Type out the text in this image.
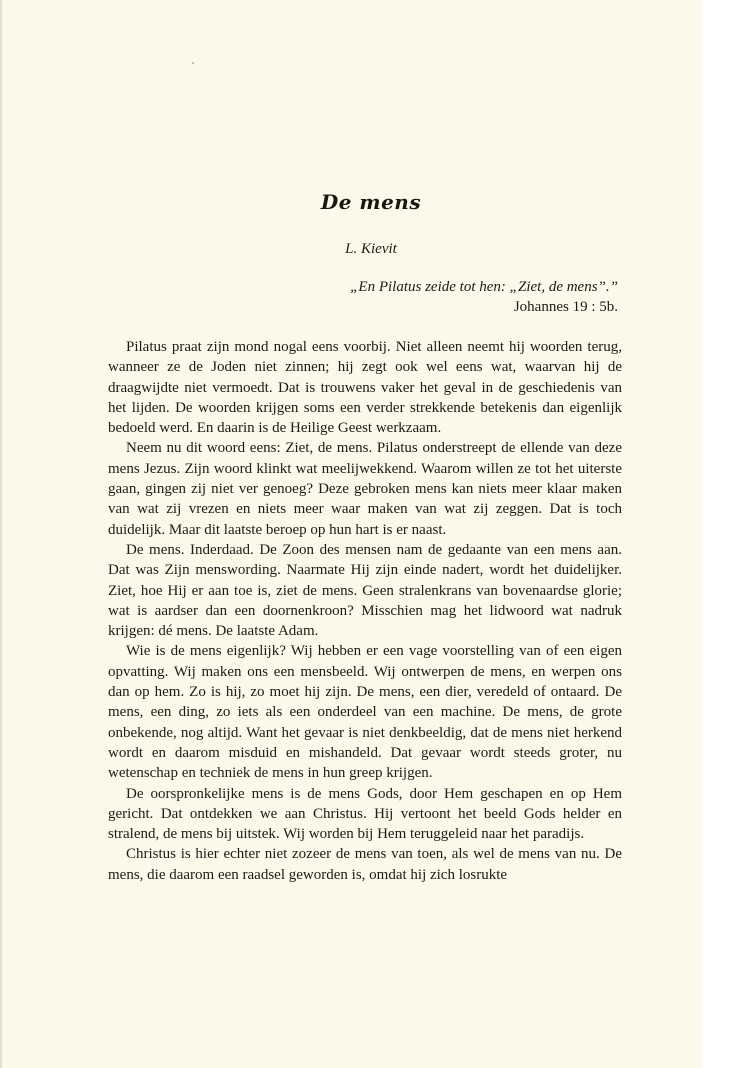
De mens
L. Kievit
„En Pilatus zeide tot hen: „Ziet, de mens”.”
Johannes 19 : 5b.

Pilatus praat zijn mond nogal eens voorbij. Niet alleen neemt hij woorden terug, wanneer ze de Joden niet zinnen; hij zegt ook wel eens wat, waarvan hij de draagwijdte niet vermoedt. Dat is trouwens vaker het geval in de geschiedenis van het lijden. De woorden krijgen soms een verder strekkende betekenis dan eigenlijk bedoeld werd. En daarin is de Heilige Geest werkzaam.

Neem nu dit woord eens: Ziet, de mens. Pilatus onderstreept de ellende van deze mens Jezus. Zijn woord klinkt wat meelijwekkend. Waarom willen ze tot het uiterste gaan, gingen zij niet ver genoeg? Deze gebroken mens kan niets meer klaar maken van wat zij vrezen en niets meer waar maken van wat zij zeggen. Dat is toch duidelijk. Maar dit laatste beroep op hun hart is er naast.

De mens. Inderdaad. De Zoon des mensen nam de gedaante van een mens aan. Dat was Zijn menswording. Naarmate Hij zijn einde nadert, wordt het duidelijker. Ziet, hoe Hij er aan toe is, ziet de mens. Geen stralenkrans van bovenaardse glorie; wat is aardser dan een doornenkroon? Misschien mag het lidwoord wat nadruk krijgen: dé mens. De laatste Adam.

Wie is de mens eigenlijk? Wij hebben er een vage voorstelling van of een eigen opvatting. Wij maken ons een mensbeeld. Wij ontwerpen de mens, en werpen ons dan op hem. Zo is hij, zo moet hij zijn. De mens, een dier, veredeld of ontaard. De mens, een ding, zo iets als een onderdeel van een machine. De mens, de grote onbekende, nog altijd. Want het gevaar is niet denkbeeldig, dat de mens niet herkend wordt en daarom misduid en mishandeld. Dat gevaar wordt steeds groter, nu wetenschap en techniek de mens in hun greep krijgen.

De oorspronkelijke mens is de mens Gods, door Hem geschapen en op Hem gericht. Dat ontdekken we aan Christus. Hij vertoont het beeld Gods helder en stralend, de mens bij uitstek. Wij worden bij Hem teruggeleid naar het paradijs.

Christus is hier echter niet zozeer de mens van toen, als wel de mens van nu. De mens, die daarom een raadsel geworden is, omdat hij zich losrukte
